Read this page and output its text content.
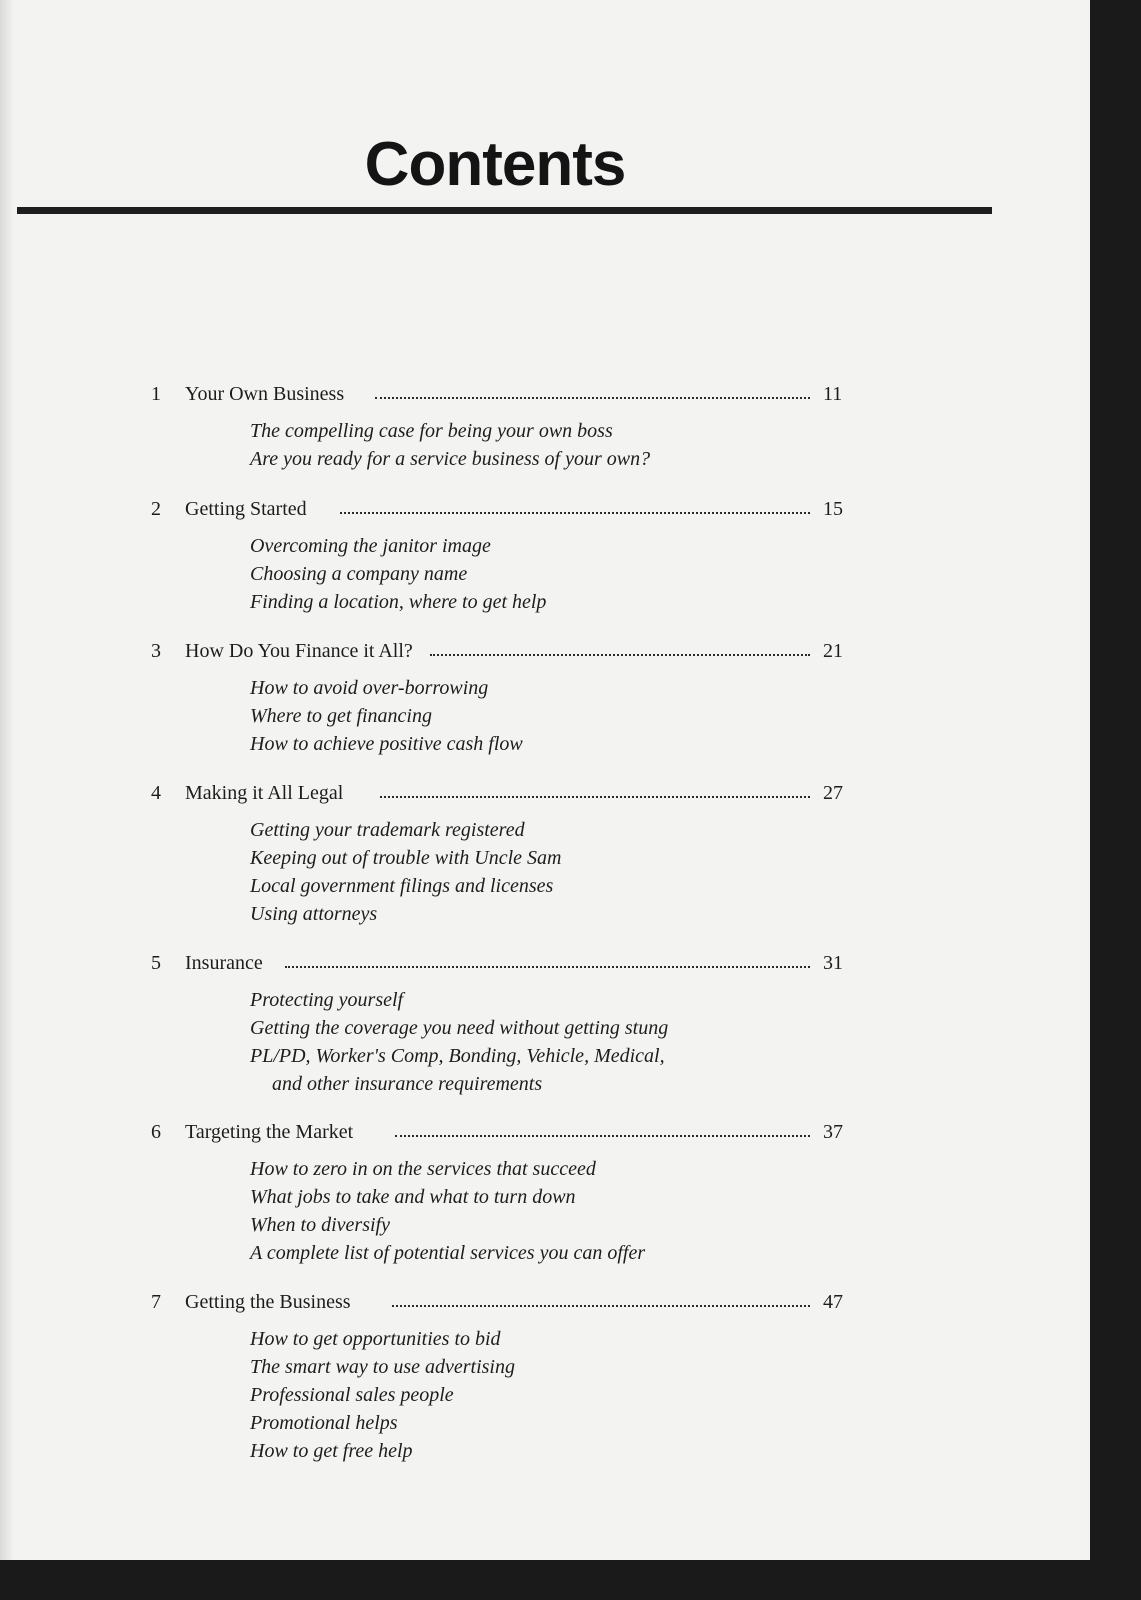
Contents
1 Your Own Business	11
The compelling case for being your own boss
Are you ready for a service business of your own?
2 Getting Started	15
Overcoming the janitor image
Choosing a company name
Finding a location, where to get help
3 How Do You Finance it All?	21
How to avoid over-borrowing
Where to get financing
How to achieve positive cash flow
4 Making it All Legal	27
Getting your trademark registered
Keeping out of trouble with Uncle Sam
Local government filings and licenses
Using attorneys
5 Insurance	31
Protecting yourself
Getting the coverage you need without getting stung
PL/PD, Worker's Comp, Bonding, Vehicle, Medical,
and other insurance requirements
6 Targeting the Market	37
How to zero in on the services that succeed
What jobs to take and what to turn down
When to diversify
A complete list of potential services you can offer
7 Getting the Business	47
How to get opportunities to bid
The smart way to use advertising
Professional sales people
Promotional helps
How to get free help
